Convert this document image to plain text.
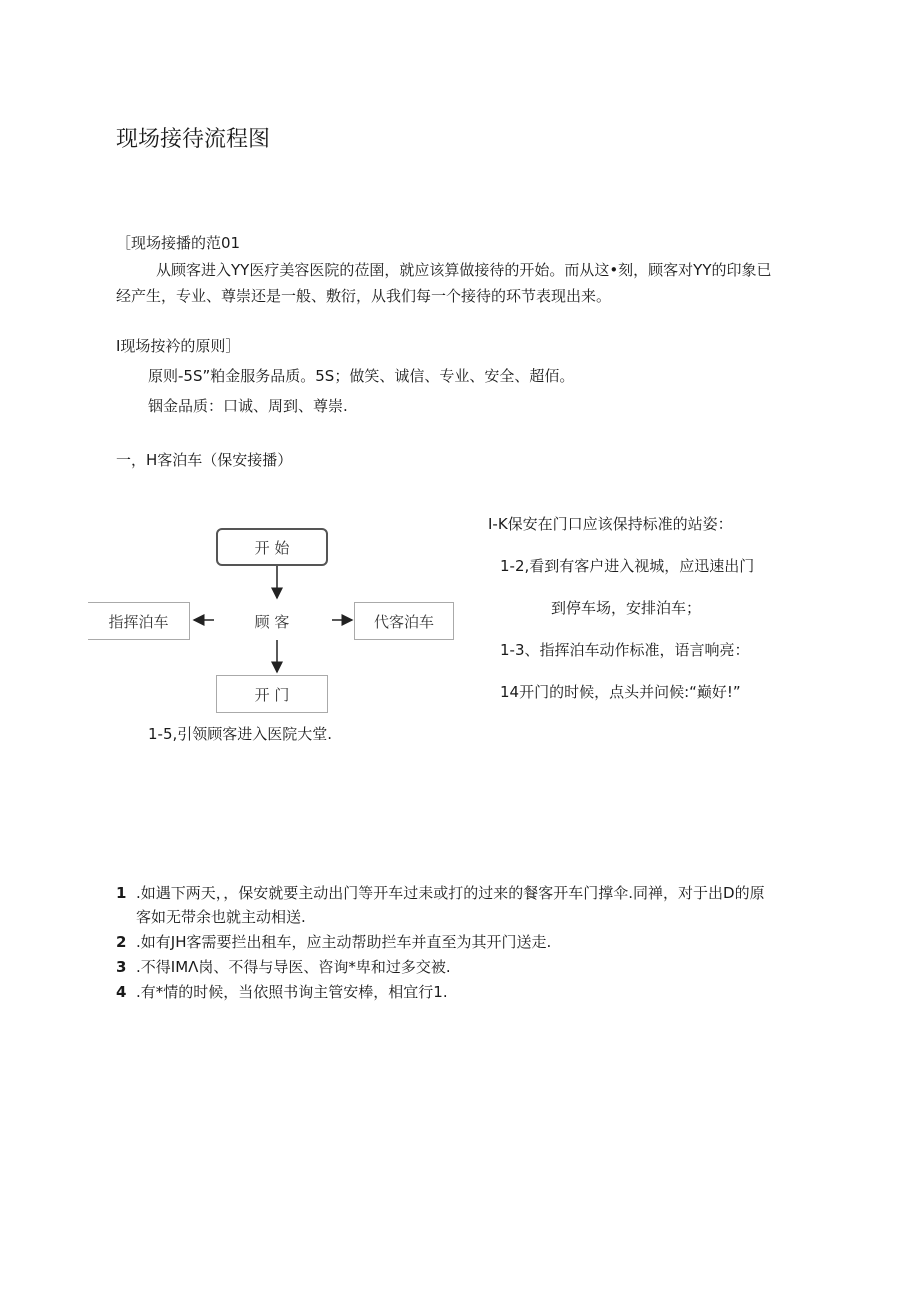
现场接待流程图
［现场接播的范01
从顾客进入YY医疗美容医院的莅圉，就应该算做接待的开始。而从这•刻，顾客对YY的印象已
经产生，专业、尊崇还是一般、敷衍，从我们每一个接待的环节表现出来。
I现场按衿的原则］
原则-5S”粕金服务品质。5S；做笑、诚信、专业、安全、超佰。
铟金品质：口诚、周到、尊崇.
一，H客泊车（保安接播）
开 始
顾 客
指挥泊车	代客泊车
开 门
I-K保安在门口应该保持标准的站姿：
1-2,看到有客户进入视城，应迅速出门
到停车场，安排泊车；
1-3、指挥泊车动作标准，语言响亮：
14开门的时候，点头并问候:“巅好!”
1-5,引领顾客进入医院大堂.
1 .如遇下两天，，保安就要主动出门等开车过耒或打的过来的餐客开车门撑伞.同禅，对于出D的原
客如无带余也就主动相送.
2 .如有JH客需要拦出租车，应主动帮助拦车并直至为其开门送走.
3 .不得IMΛ岗、不得与导医、咨询*卑和过多交被.
4 .有*情的时候，当依照书询主管安棒，相宜行1.
